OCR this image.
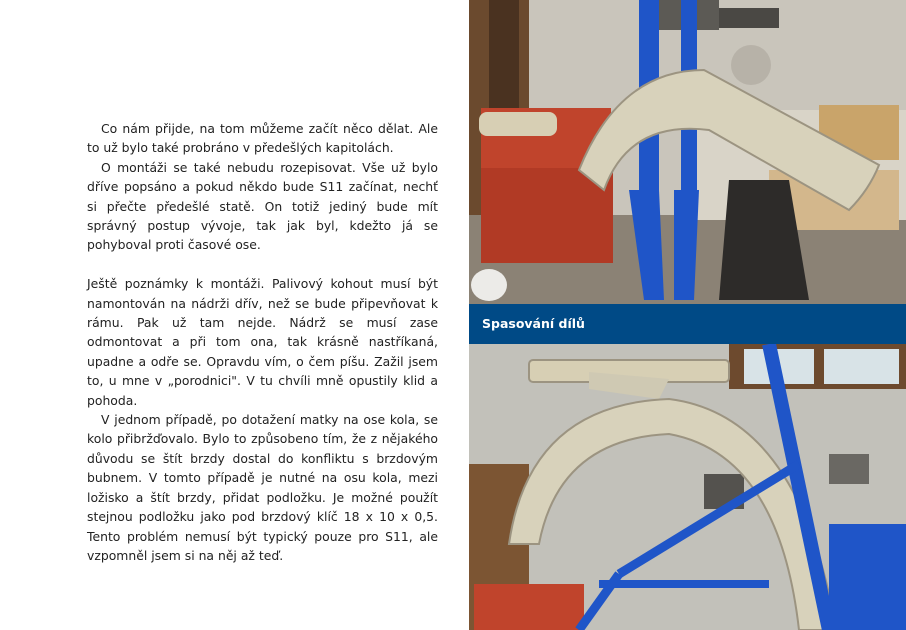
Co nám přijde, na tom můžeme začít něco dělat. Ale to už bylo také probráno v předešlých kapitolách.

O montáži se také nebudu rozepisovat. Vše už bylo dříve popsáno a pokud někdo bude S11 začínat, nechť si přečte předešlé statě. On totiž jediný bude mít správný postup vývoje, tak jak byl, kdežto já se pohyboval proti časové ose.

Ještě poznámky k montáži. Palivový kohout musí být namontován na nádrži dřív, než se bude připevňovat k rámu. Pak už tam nejde. Nádrž se musí zase odmontovat a při tom ona, tak krásně nastříkaná, upadne a odře se. Opravdu vím, o čem píšu. Zažil jsem to, u mne v „porodnici". V tu chvíli mně opustily klid a pohoda.

V jednom případě, po dotažení matky na ose kola, se kolo přibržďovalo. Bylo to způsobeno tím, že z nějakého důvodu se štít brzdy dostal do konfliktu s brzdovým bubnem. V tomto případě je nutné na osu kola, mezi ložisko a štít brzdy, přidat podložku. Je možné použít stejnou podložku jako pod brzdový klíč 18 x 10 x 0,5. Tento problém nemusí být typický pouze pro S11, ale vzpomněl jsem si na něj až teď.

Spasování dílů
